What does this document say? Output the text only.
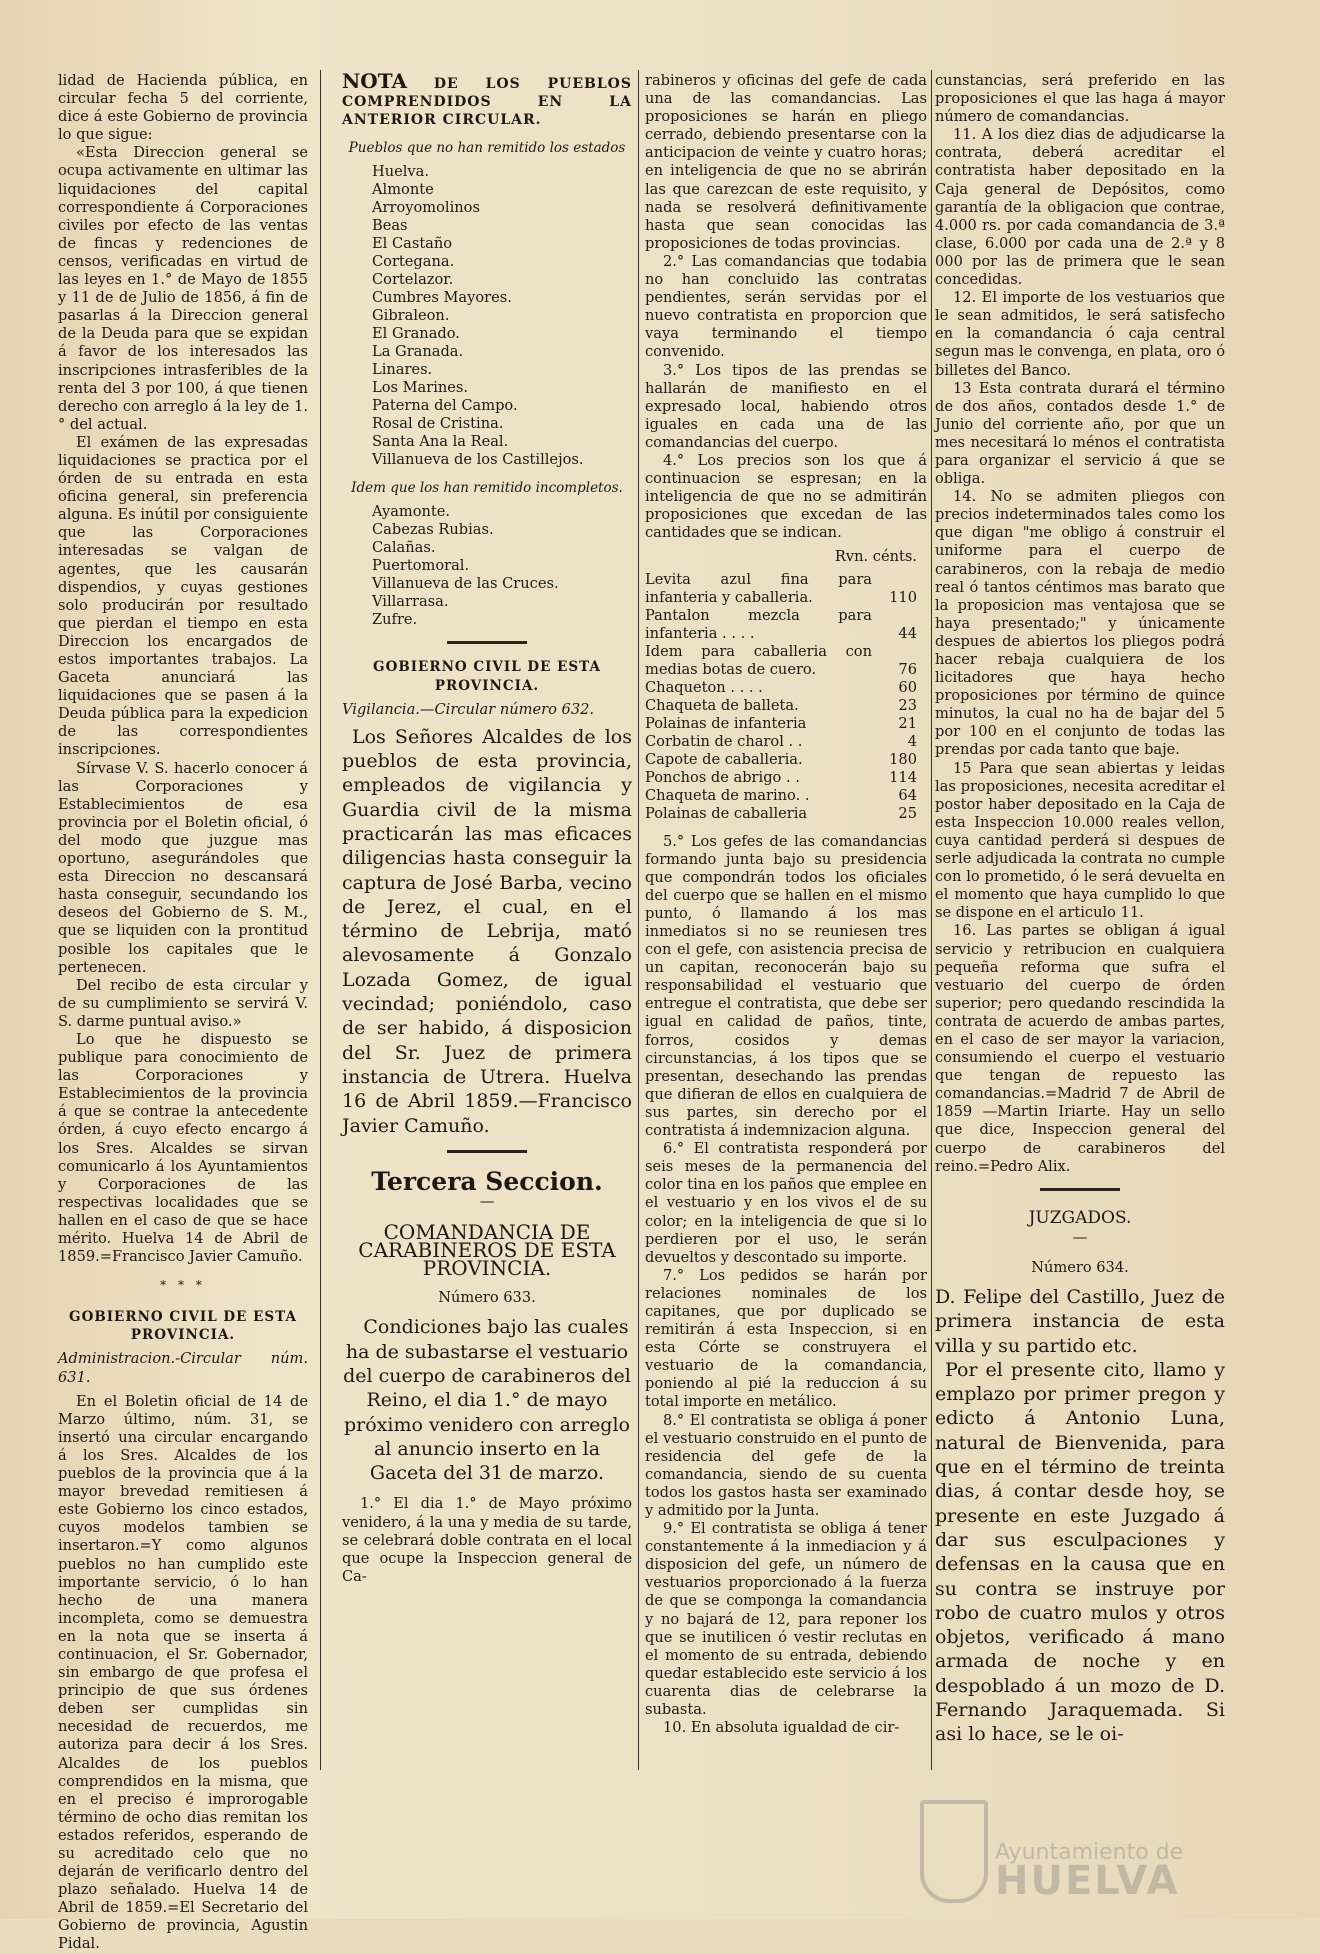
lidad de Hacienda pública, en circular fecha 5 del corriente, dice á este Gobierno de provincia lo que sigue:

«Esta Direccion general se ocupa activamente en ultimar las liquidaciones del capital correspondiente á Corporaciones civiles por efecto de las ventas de fincas y redenciones de censos, verificadas en virtud de las leyes en 1.° de Mayo de 1855 y 11 de de Julio de 1856, á fin de pasarlas á la Direccion general de la Deuda para que se expidan á favor de los interesados las inscripciones intrasferibles de la renta del 3 por 100, á que tienen derecho con arreglo á la ley de 1.° del actual.

El exámen de las expresadas liquidaciones se practica por el órden de su entrada en esta oficina general, sin preferencia alguna. Es inútil por consiguiente que las Corporaciones interesadas se valgan de agentes, que les causarán dispendios, y cuyas gestiones solo producirán por resultado que pierdan el tiempo en esta Direccion los encargados de estos importantes trabajos. La Gaceta anunciará las liquidaciones que se pasen á la Deuda pública para la expedicion de las correspondientes inscripciones.

Sírvase V. S. hacerlo conocer á las Corporaciones y Establecimientos de esa provincia por el Boletin oficial, ó del modo que juzgue mas oportuno, asegurándoles que esta Direccion no descansará hasta conseguir, secundando los deseos del Gobierno de S. M., que se liquiden con la prontitud posible los capitales que le pertenecen.

Del recibo de esta circular y de su cumplimiento se servirá V. S. darme puntual aviso.»

Lo que he dispuesto se publique para conocimiento de las Corporaciones y Establecimientos de la provincia á que se contrae la antecedente órden, á cuyo efecto encargo á los Sres. Alcaldes se sirvan comunicarlo á los Ayuntamientos y Corporaciones de las respectivas localidades que se hallen en el caso de que se hace mérito. Huelva 14 de Abril de 1859.=Francisco Javier Camuño.

* * *
GOBIERNO CIVIL DE ESTA PROVINCIA.

Administracion.-Circular núm. 631.

En el Boletin oficial de 14 de Marzo último, núm. 31, se insertó una circular encargando á los Sres. Alcaldes de los pueblos de la provincia que á la mayor brevedad remitiesen á este Gobierno los cinco estados, cuyos modelos tambien se insertaron.=Y como algunos pueblos no han cumplido este importante servicio, ó lo han hecho de una manera incompleta, como se demuestra en la nota que se inserta á continuacion, el Sr. Gobernador, sin embargo de que profesa el principio de que sus órdenes deben ser cumplidas sin necesidad de recuerdos, me autoriza para decir á los Sres. Alcaldes de los pueblos comprendidos en la misma, que en el preciso é improrogable término de ocho dias remitan los estados referidos, esperando de su acreditado celo que no dejarán de verificarlo dentro del plazo señalado. Huelva 14 de Abril de 1859.=El Secretario del Gobierno de provincia, Agustin Pidal.

NOTA DE LOS PUEBLOS COMPRENDIDOS EN LA ANTERIOR CIRCULAR.

Pueblos que no han remitido los estados

Huelva.
Almonte
Arroyomolinos
Beas
El Castaño
Cortegana.
Cortelazor.
Cumbres Mayores.
Gibraleon.
El Granado.
La Granada.
Linares.
Los Marines.
Paterna del Campo.
Rosal de Cristina.
Santa Ana la Real.
Villanueva de los Castillejos.

Idem que los han remitido incompletos.

Ayamonte.
Cabezas Rubias.
Calañas.
Puertomoral.
Villanueva de las Cruces.
Villarrasa.
Zufre.
GOBIERNO CIVIL DE ESTA PROVINCIA.

Vigilancia.—Circular número 632.

Los Señores Alcaldes de los pueblos de esta provincia, empleados de vigilancia y Guardia civil de la misma practicarán las mas eficaces diligencias hasta conseguir la captura de José Barba, vecino de Jerez, el cual, en el término de Lebrija, mató alevosamente á Gonzalo Lozada Gomez, de igual vecindad; poniéndolo, caso de ser habido, á disposicion del Sr. Juez de primera instancia de Utrera. Huelva 16 de Abril 1859.—Francisco Javier Camuño.

Tercera Seccion.
—
COMANDANCIA DE CARABINEROS DE ESTA PROVINCIA.
Número 633.

Condiciones bajo las cuales ha de subastarse el vestuario del cuerpo de carabineros del Reino, el dia 1.° de mayo próximo venidero con arreglo al anuncio inserto en la Gaceta del 31 de marzo.

1.° El dia 1.° de Mayo próximo venidero, á la una y media de su tarde, se celebrará doble contrata en el local que ocupe la Inspeccion general de Ca-

rabineros y oficinas del gefe de cada una de las comandancias. Las proposiciones se harán en pliego cerrado, debiendo presentarse con la anticipacion de veinte y cuatro horas; en inteligencia de que no se abrirán las que carezcan de este requisito, y nada se resolverá definitivamente hasta que sean conocidas las proposiciones de todas provincias.

2.° Las comandancias que todabia no han concluido las contratas pendientes, serán servidas por el nuevo contratista en proporcion que vaya terminando el tiempo convenido.

3.° Los tipos de las prendas se hallarán de manifiesto en el expresado local, habiendo otros iguales en cada una de las comandancias del cuerpo.

4.° Los precios son los que á continuacion se espresan; en la inteligencia de que no se admitirán proposiciones que excedan de las cantidades que se indican.

Rvn. cénts.
Levita azul fina para infanteria y caballeria.	110
Pantalon mezcla para infanteria . . . .	44
Idem para caballeria con medias botas de cuero.	76
Chaqueton . . . .	60
Chaqueta de balleta.	23
Polainas de infanteria	21
Corbatin de charol . .	4
Capote de caballeria.	180
Ponchos de abrigo . .	114
Chaqueta de marino. .	64
Polainas de caballeria	25

5.° Los gefes de las comandancias formando junta bajo su presidencia que compondrán todos los oficiales del cuerpo que se hallen en el mismo punto, ó llamando á los mas inmediatos si no se reuniesen tres con el gefe, con asistencia precisa de un capitan, reconocerán bajo su responsabilidad el vestuario que entregue el contratista, que debe ser igual en calidad de paños, tinte, forros, cosidos y demas circunstancias, á los tipos que se presentan, desechando las prendas que difieran de ellos en cualquiera de sus partes, sin derecho por el contratista á indemnizacion alguna.

6.° El contratista responderá por seis meses de la permanencia del color tina en los paños que emplee en el vestuario y en los vivos el de su color; en la inteligencia de que si lo perdieren por el uso, le serán devueltos y descontado su importe.

7.° Los pedidos se harán por relaciones nominales de los capitanes, que por duplicado se remitirán á esta Inspeccion, si en esta Córte se construyera el vestuario de la comandancia, poniendo al pié la reduccion á su total importe en metálico.

8.° El contratista se obliga á poner el vestuario construido en el punto de residencia del gefe de la comandancia, siendo de su cuenta todos los gastos hasta ser examinado y admitido por la Junta.

9.° El contratista se obliga á tener constantemente á la inmediacion y á disposicion del gefe, un número de vestuarios proporcionado á la fuerza de que se componga la comandancia y no bajará de 12, para reponer los que se inutilicen ó vestir reclutas en el momento de su entrada, debiendo quedar establecido este servicio á los cuarenta dias de celebrarse la subasta.

10. En absoluta igualdad de cir-

cunstancias, será preferido en las proposiciones el que las haga á mayor número de comandancias.

11. A los diez dias de adjudicarse la contrata, deberá acreditar el contratista haber depositado en la Caja general de Depósitos, como garantía de la obligacion que contrae, 4.000 rs. por cada comandancia de 3.ª clase, 6.000 por cada una de 2.ª y 8 000 por las de primera que le sean concedidas.

12. El importe de los vestuarios que le sean admitidos, le será satisfecho en la comandancia ó caja central segun mas le convenga, en plata, oro ó billetes del Banco.

13 Esta contrata durará el término de dos años, contados desde 1.° de Junio del corriente año, por que un mes necesitará lo ménos el contratista para organizar el servicio á que se obliga.

14. No se admiten pliegos con precios indeterminados tales como los que digan "me obligo á construir el uniforme para el cuerpo de carabineros, con la rebaja de medio real ó tantos céntimos mas barato que la proposicion mas ventajosa que se haya presentado;" y únicamente despues de abiertos los pliegos podrá hacer rebaja cualquiera de los licitadores que haya hecho proposiciones por término de quince minutos, la cual no ha de bajar del 5 por 100 en el conjunto de todas las prendas por cada tanto que baje.

15 Para que sean abiertas y leidas las proposiciones, necesita acreditar el postor haber depositado en la Caja de esta Inspeccion 10.000 reales vellon, cuya cantidad perderá si despues de serle adjudicada la contrata no cumple con lo prometido, ó le será devuelta en el momento que haya cumplido lo que se dispone en el articulo 11.

16. Las partes se obligan á igual servicio y retribucion en cualquiera pequeña reforma que sufra el vestuario del cuerpo de órden superior; pero quedando rescindida la contrata de acuerdo de ambas partes, en el caso de ser mayor la variacion, consumiendo el cuerpo el vestuario que tengan de repuesto las comandancias.=Madrid 7 de Abril de 1859 —Martin Iriarte. Hay un sello que dice, Inspeccion general del cuerpo de carabineros del reino.=Pedro Alix.

JUZGADOS.
—
Número 634.

D. Felipe del Castillo, Juez de primera instancia de esta villa y su partido etc.

Por el presente cito, llamo y emplazo por primer pregon y edicto á Antonio Luna, natural de Bienvenida, para que en el término de treinta dias, á contar desde hoy, se presente en este Juzgado á dar sus esculpaciones y defensas en la causa que en su contra se instruye por robo de cuatro mulos y otros objetos, verificado á mano armada de noche y en despoblado á un mozo de D. Fernando Jaraquemada. Si asi lo hace, se le oi-

Ayuntamiento de
HUELVA
